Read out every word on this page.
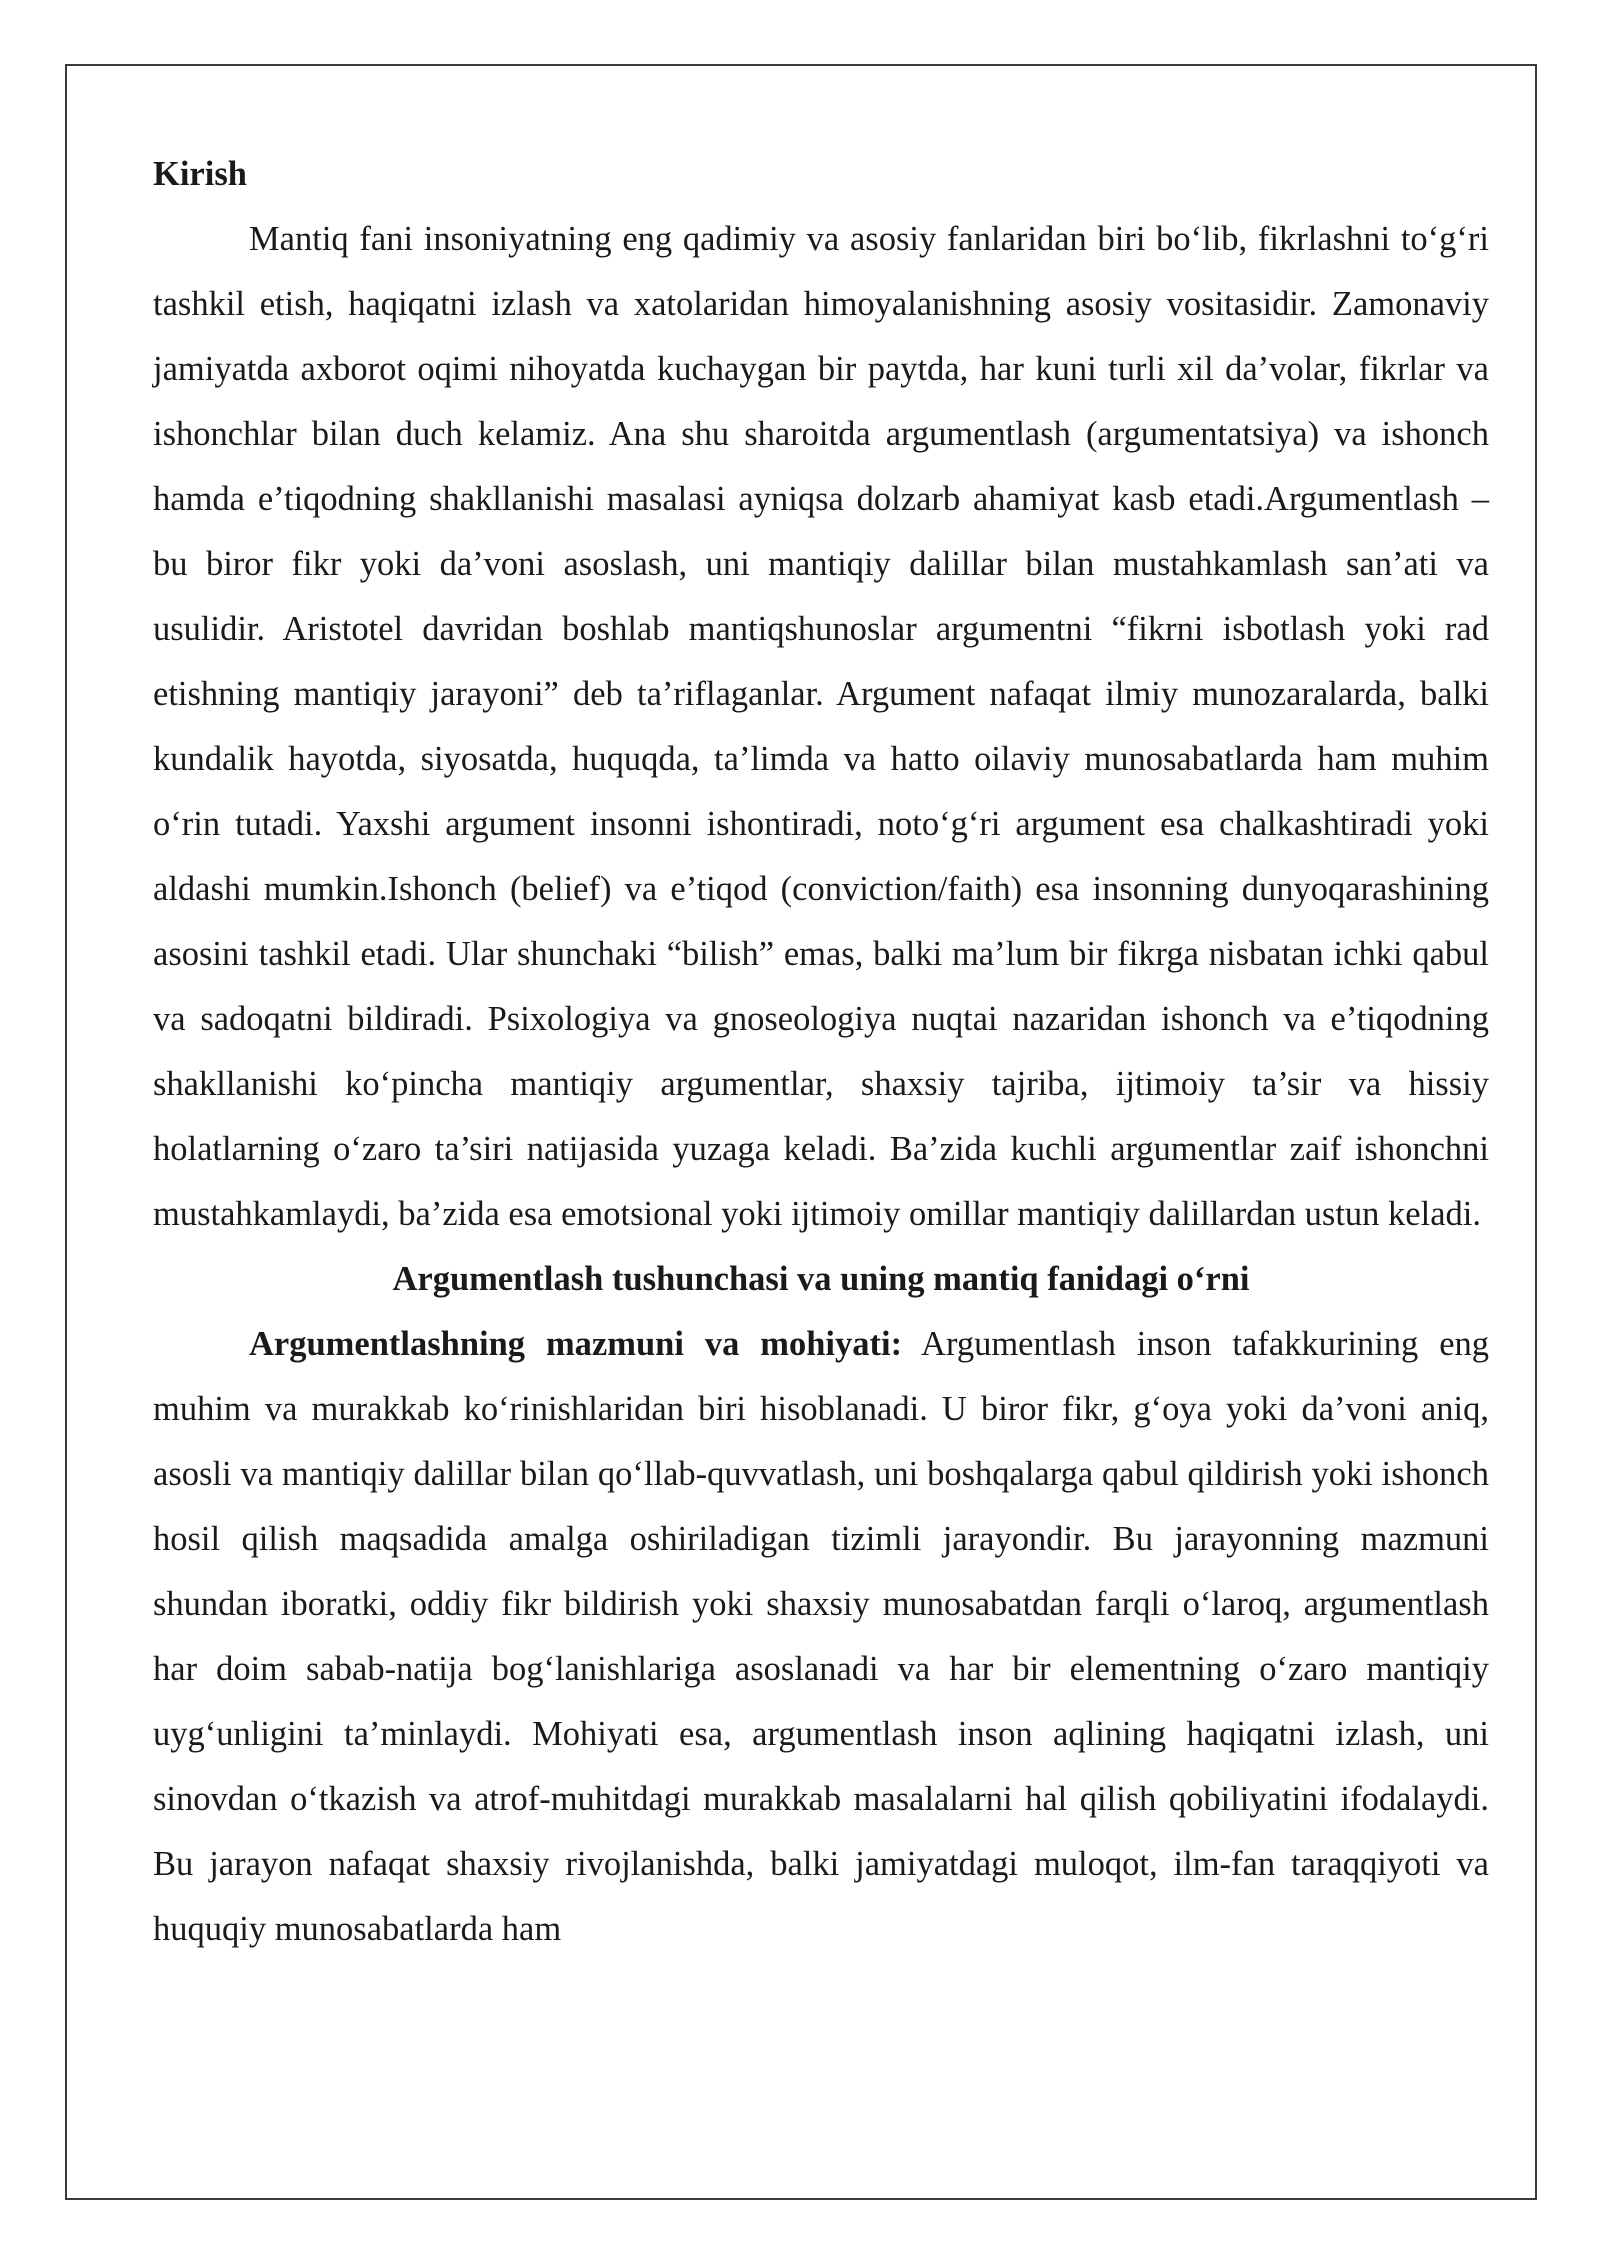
Kirish

Mantiq fani insoniyatning eng qadimiy va asosiy fanlaridan biri bo‘lib, fikrlashni to‘g‘ri tashkil etish, haqiqatni izlash va xatolaridan himoyalanishning asosiy vositasidir. Zamonaviy jamiyatda axborot oqimi nihoyatda kuchaygan bir paytda, har kuni turli xil da’volar, fikrlar va ishonchlar bilan duch kelamiz. Ana shu sharoitda argumentlash (argumentatsiya) va ishonch hamda e’tiqodning shakllanishi masalasi ayniqsa dolzarb ahamiyat kasb etadi.Argumentlash – bu biror fikr yoki da’voni asoslash, uni mantiqiy dalillar bilan mustahkamlash san’ati va usulidir. Aristotel davridan boshlab mantiqshunoslar argumentni “fikrni isbotlash yoki rad etishning mantiqiy jarayoni” deb ta’riflaganlar. Argument nafaqat ilmiy munozaralarda, balki kundalik hayotda, siyosatda, huquqda, ta’limda va hatto oilaviy munosabatlarda ham muhim o‘rin tutadi. Yaxshi argument insonni ishontiradi, noto‘g‘ri argument esa chalkashtiradi yoki aldashi mumkin.Ishonch (belief) va e’tiqod (conviction/faith) esa insonning dunyoqarashining asosini tashkil etadi. Ular shunchaki “bilish” emas, balki ma’lum bir fikrga nisbatan ichki qabul va sadoqatni bildiradi. Psixologiya va gnoseologiya nuqtai nazaridan ishonch va e’tiqodning shakllanishi ko‘pincha mantiqiy argumentlar, shaxsiy tajriba, ijtimoiy ta’sir va hissiy holatlarning o‘zaro ta’siri natijasida yuzaga keladi. Ba’zida kuchli argumentlar zaif ishonchni mustahkamlaydi, ba’zida esa emotsional yoki ijtimoiy omillar mantiqiy dalillardan ustun keladi.

Argumentlash tushunchasi va uning mantiq fanidagi o‘rni

Argumentlashning mazmuni va mohiyati: Argumentlash inson tafakkurining eng muhim va murakkab ko‘rinishlaridan biri hisoblanadi. U biror fikr, g‘oya yoki da’voni aniq, asosli va mantiqiy dalillar bilan qo‘llab-quvvatlash, uni boshqalarga qabul qildirish yoki ishonch hosil qilish maqsadida amalga oshiriladigan tizimli jarayondir. Bu jarayonning mazmuni shundan iboratki, oddiy fikr bildirish yoki shaxsiy munosabatdan farqli o‘laroq, argumentlash har doim sabab-natija bog‘lanishlariga asoslanadi va har bir elementning o‘zaro mantiqiy uyg‘unligini ta’minlaydi. Mohiyati esa, argumentlash inson aqlining haqiqatni izlash, uni sinovdan o‘tkazish va atrof-muhitdagi murakkab masalalarni hal qilish qobiliyatini ifodalaydi. Bu jarayon nafaqat shaxsiy rivojlanishda, balki jamiyatdagi muloqot, ilm-fan taraqqiyoti va huquqiy munosabatlarda ham
